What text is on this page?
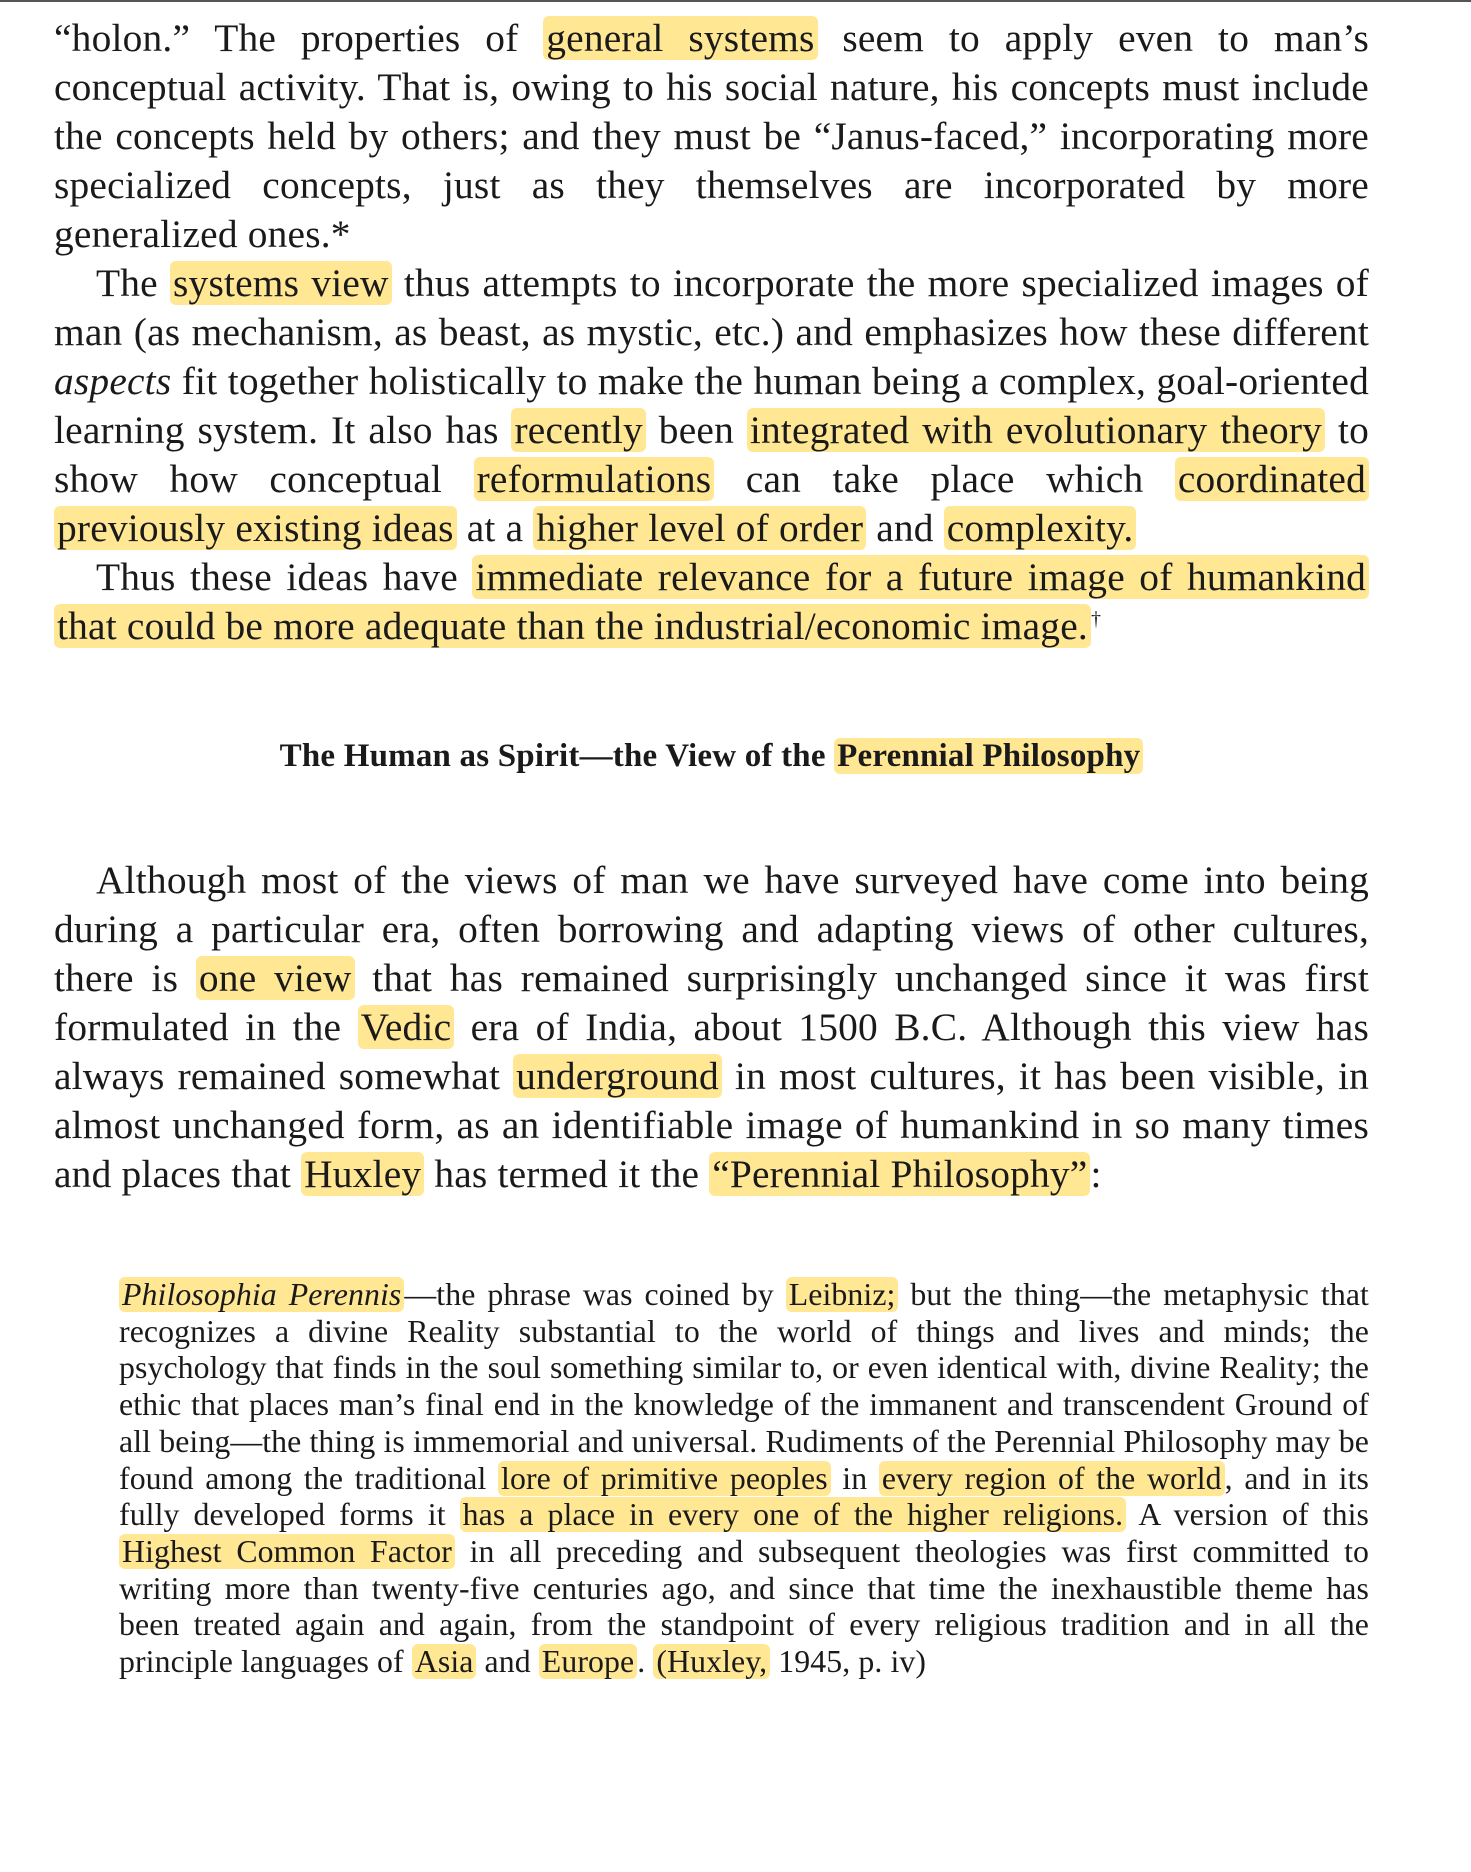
“holon.” The properties of general systems seem to apply even to man’s conceptual activity. That is, owing to his social nature, his concepts must include the concepts held by others; and they must be “Janus-faced,” incorporating more specialized concepts, just as they themselves are incorporated by more generalized ones.*

The systems view thus attempts to incorporate the more specialized images of man (as mechanism, as beast, as mystic, etc.) and emphasizes how these different aspects fit together holistically to make the human being a complex, goal-oriented learning system. It also has recently been integrated with evolutionary theory to show how conceptual reformulations can take place which coordinated previously existing ideas at a higher level of order and complexity.

Thus these ideas have immediate relevance for a future image of humankind that could be more adequate than the industrial/economic image. †

The Human as Spirit—the View of the Perennial Philosophy

Although most of the views of man we have surveyed have come into being during a particular era, often borrowing and adapting views of other cultures, there is one view that has remained surprisingly unchanged since it was first formulated in the Vedic era of India, about 1500 B.C. Although this view has always remained somewhat underground in most cultures, it has been visible, in almost unchanged form, as an identifiable image of humankind in so many times and places that Huxley has termed it the “Perennial Philosophy”:

Philosophia Perennis—the phrase was coined by Leibniz; but the thing—the metaphysic that recognizes a divine Reality substantial to the world of things and lives and minds; the psychology that finds in the soul something similar to, or even identical with, divine Reality; the ethic that places man’s final end in the knowledge of the immanent and transcendent Ground of all being—the thing is immemorial and universal. Rudiments of the Perennial Philosophy may be found among the traditional lore of primitive peoples in every region of the world, and in its fully developed forms it has a place in every one of the higher religions. A version of this Highest Common Factor in all preceding and subsequent theologies was first committed to writing more than twenty-five centuries ago, and since that time the inexhaustible theme has been treated again and again, from the standpoint of every religious tradition and in all the principle languages of Asia and Europe. (Huxley, 1945, p. iv)
